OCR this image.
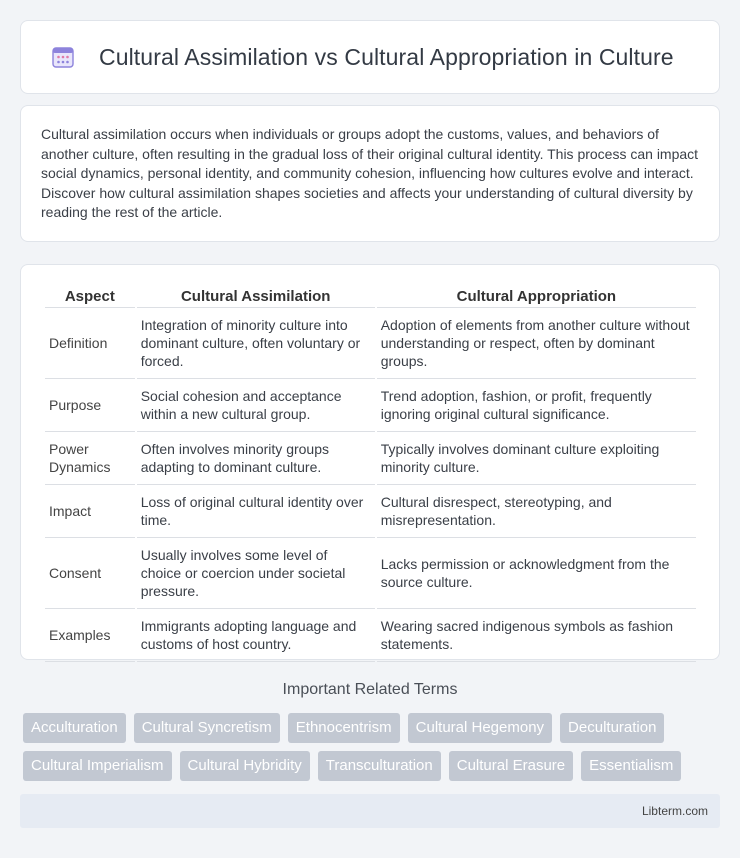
Cultural Assimilation vs Cultural Appropriation in Culture

Cultural assimilation occurs when individuals or groups adopt the customs, values, and behaviors of another culture, often resulting in the gradual loss of their original cultural identity. This process can impact social dynamics, personal identity, and community cohesion, influencing how cultures evolve and interact. Discover how cultural assimilation shapes societies and affects your understanding of cultural diversity by reading the rest of the article.

Aspect	Cultural Assimilation	Cultural Appropriation
Definition	Integration of minority culture into dominant culture, often voluntary or forced.	Adoption of elements from another culture without understanding or respect, often by dominant groups.
Purpose	Social cohesion and acceptance within a new cultural group.	Trend adoption, fashion, or profit, frequently ignoring original cultural significance.
Power Dynamics	Often involves minority groups adapting to dominant culture.	Typically involves dominant culture exploiting minority culture.
Impact	Loss of original cultural identity over time.	Cultural disrespect, stereotyping, and misrepresentation.
Consent	Usually involves some level of choice or coercion under societal pressure.	Lacks permission or acknowledgment from the source culture.
Examples	Immigrants adopting language and customs of host country.	Wearing sacred indigenous symbols as fashion statements.
Important Related Terms
Acculturation	Cultural Syncretism	Ethnocentrism	Cultural Hegemony	Deculturation
Cultural Imperialism	Cultural Hybridity	Transculturation	Cultural Erasure	Essentialism
Libterm.com
